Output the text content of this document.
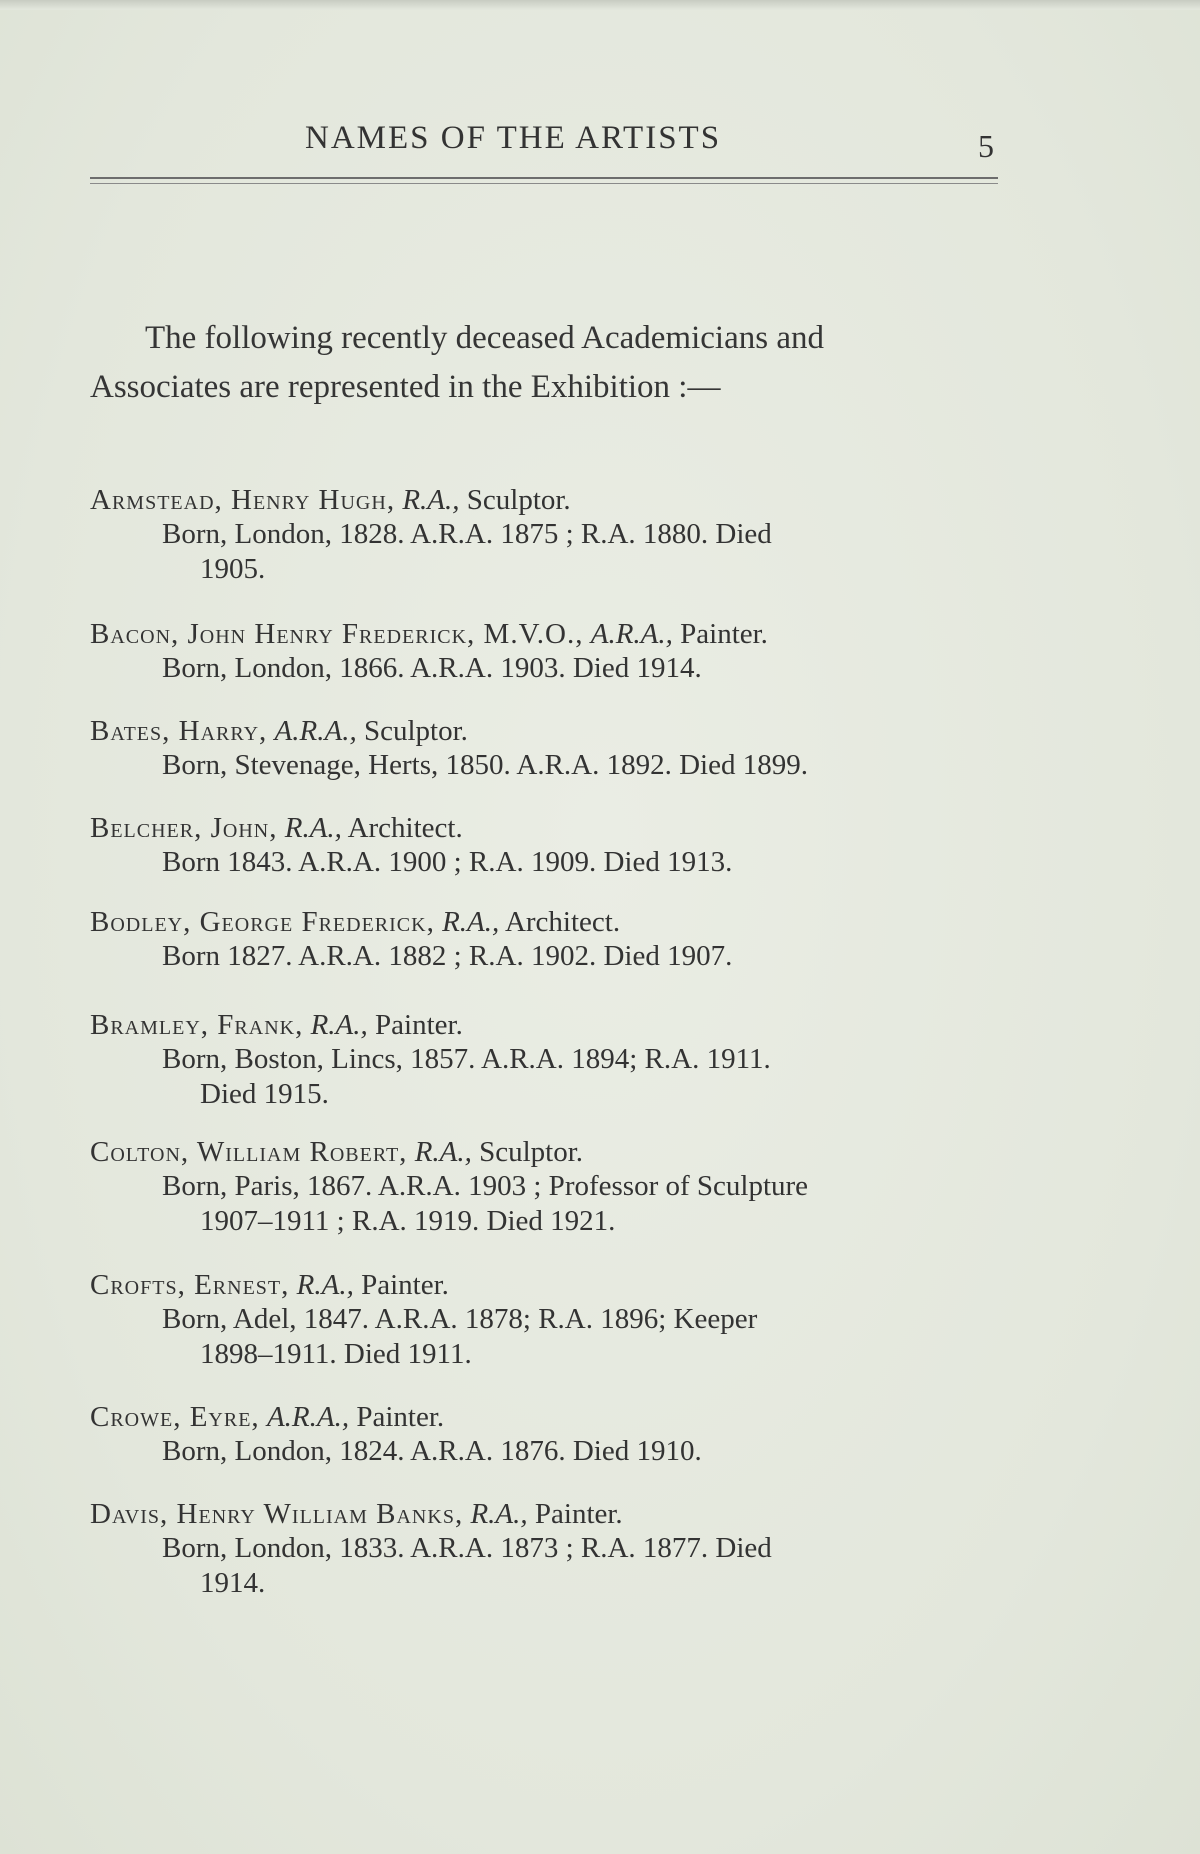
NAMES OF THE ARTISTS	5
The following recently deceased Academicians and
Associates are represented in the Exhibition :—
Armstead, Henry Hugh, R.A., Sculptor.
Born, London, 1828. A.R.A. 1875 ; R.A. 1880. Died
1905.
Bacon, John Henry Frederick, M.V.O., A.R.A., Painter.
Born, London, 1866. A.R.A. 1903. Died 1914.
Bates, Harry, A.R.A., Sculptor.
Born, Stevenage, Herts, 1850. A.R.A. 1892. Died 1899.
Belcher, John, R.A., Architect.
Born 1843. A.R.A. 1900 ; R.A. 1909. Died 1913.
Bodley, George Frederick, R.A., Architect.
Born 1827. A.R.A. 1882 ; R.A. 1902. Died 1907.
Bramley, Frank, R.A., Painter.
Born, Boston, Lincs, 1857. A.R.A. 1894; R.A. 1911.
Died 1915.
Colton, William Robert, R.A., Sculptor.
Born, Paris, 1867. A.R.A. 1903 ; Professor of Sculpture
1907–1911 ; R.A. 1919. Died 1921.
Crofts, Ernest, R.A., Painter.
Born, Adel, 1847. A.R.A. 1878; R.A. 1896; Keeper
1898–1911. Died 1911.
Crowe, Eyre, A.R.A., Painter.
Born, London, 1824. A.R.A. 1876. Died 1910.
Davis, Henry William Banks, R.A., Painter.
Born, London, 1833. A.R.A. 1873 ; R.A. 1877. Died
1914.
